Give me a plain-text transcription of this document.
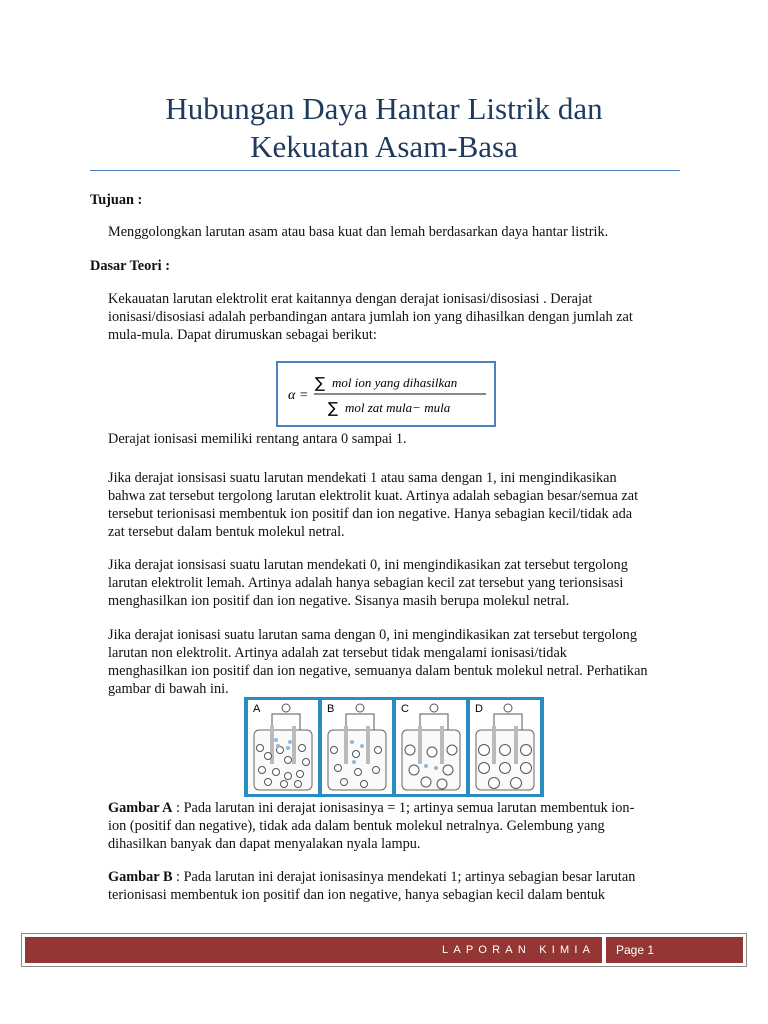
Hubungan Daya Hantar Listrik dan
Kekuatan Asam-Basa
Tujuan :
Menggolongkan larutan asam atau basa kuat dan lemah berdasarkan daya hantar listrik.
Dasar Teori :
Kekauatan larutan elektrolit erat kaitannya dengan derajat ionisasi/disosiasi . Derajat
ionisasi/disosiasi adalah perbandingan antara jumlah ion yang dihasilkan dengan jumlah zat
mula-mula. Dapat dirumuskan sebagai berikut:
α =
∑ mol ion yang dihasilkan
∑ mol zat mula− mula
Derajat ionisasi memiliki rentang antara 0 sampai 1.
Jika derajat ionsisasi suatu larutan mendekati 1 atau sama dengan 1, ini mengindikasikan
bahwa zat tersebut tergolong larutan elektrolit kuat. Artinya adalah sebagian besar/semua zat
tersebut terionisasi membentuk ion positif dan ion negative. Hanya sebagian kecil/tidak ada
zat tersebut dalam bentuk molekul netral.
Jika derajat ionsisasi suatu larutan mendekati 0, ini mengindikasikan zat tersebut tergolong
larutan elektrolit lemah. Artinya adalah hanya sebagian kecil zat tersebut yang terionsisasi
menghasilkan ion positif dan ion negative. Sisanya masih berupa molekul netral.
Jika derajat ionisasi suatu larutan sama dengan 0, ini mengindikasikan zat tersebut tergolong
larutan non elektrolit. Artinya adalah zat tersebut tidak mengalami ionisasi/tidak
menghasilkan ion positif dan ion negative, semuanya dalam bentuk molekul netral. Perhatikan
gambar di bawah ini.
A	B	C	D
Gambar A : Pada larutan ini derajat ionisasinya = 1; artinya semua larutan membentuk ion-
ion (positif dan negative), tidak ada dalam bentuk molekul netralnya. Gelembung yang
dihasilkan banyak dan dapat menyalakan nyala lampu.
Gambar B : Pada larutan ini derajat ionisasinya mendekati 1; artinya sebagian besar larutan
terionisasi membentuk ion positif dan ion negative, hanya sebagian kecil dalam bentuk
LAPORAN KIMIA	Page 1
